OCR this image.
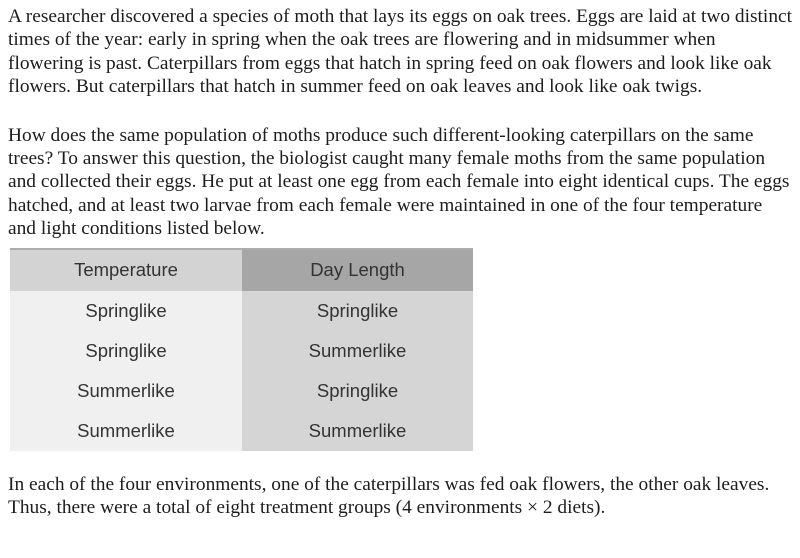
A researcher discovered a species of moth that lays its eggs on oak trees. Eggs are laid at two distinct times of the year: early in spring when the oak trees are flowering and in midsummer when flowering is past. Caterpillars from eggs that hatch in spring feed on oak flowers and look like oak flowers. But caterpillars that hatch in summer feed on oak leaves and look like oak twigs.

How does the same population of moths produce such different-looking caterpillars on the same trees? To answer this question, the biologist caught many female moths from the same population and collected their eggs. He put at least one egg from each female into eight identical cups. The eggs hatched, and at least two larvae from each female were maintained in one of the four temperature and light conditions listed below.

Temperature	Day Length
Springlike	Springlike
Springlike	Summerlike
Summerlike	Springlike
Summerlike	Summerlike

In each of the four environments, one of the caterpillars was fed oak flowers, the other oak leaves. Thus, there were a total of eight treatment groups (4 environments × 2 diets).
